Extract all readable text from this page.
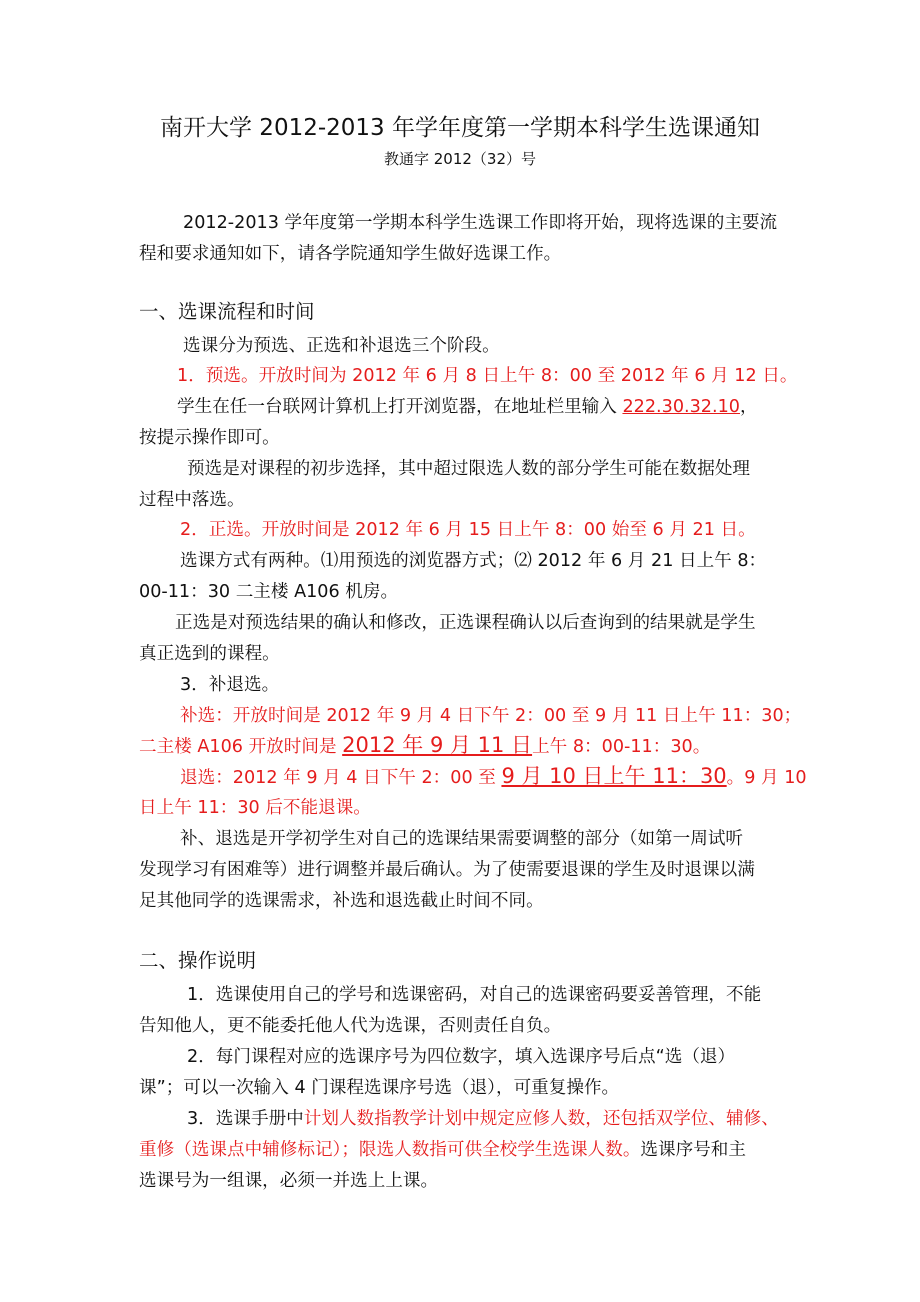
南开大学 2012-2013 年学年度第一学期本科学生选课通知
教通字 2012（32）号
2012-2013 学年度第一学期本科学生选课工作即将开始，现将选课的主要流
程和要求通知如下，请各学院通知学生做好选课工作。
一、选课流程和时间
选课分为预选、正选和补退选三个阶段。
1．预选。开放时间为 2012 年 6 月 8 日上午 8：00 至 2012 年 6 月 12 日。
学生在任一台联网计算机上打开浏览器，在地址栏里输入 222.30.32.10，
按提示操作即可。
预选是对课程的初步选择，其中超过限选人数的部分学生可能在数据处理
过程中落选。
2．正选。开放时间是 2012 年 6 月 15 日上午 8：00 始至 6 月 21 日。
选课方式有两种。⑴用预选的浏览器方式；⑵ 2012 年 6 月 21 日上午 8：
00-11：30 二主楼 A106 机房。
正选是对预选结果的确认和修改，正选课程确认以后查询到的结果就是学生
真正选到的课程。
3．补退选。
补选：开放时间是 2012 年 9 月 4 日下午 2：00 至 9 月 11 日上午 11：30；
二主楼 A106 开放时间是 2012 年 9 月 11 日上午 8：00-11：30。
退选：2012 年 9 月 4 日下午 2：00 至 9 月 10 日上午 11：30。9 月 10
日上午 11：30 后不能退课。
补、退选是开学初学生对自己的选课结果需要调整的部分（如第一周试听
发现学习有困难等）进行调整并最后确认。为了使需要退课的学生及时退课以满
足其他同学的选课需求，补选和退选截止时间不同。
二、操作说明
1．选课使用自己的学号和选课密码，对自己的选课密码要妥善管理，不能
告知他人，更不能委托他人代为选课，否则责任自负。
2．每门课程对应的选课序号为四位数字，填入选课序号后点“选（退）
课”；可以一次输入 4 门课程选课序号选（退），可重复操作。
3．选课手册中计划人数指教学计划中规定应修人数，还包括双学位、辅修、
重修（选课点中辅修标记）；限选人数指可供全校学生选课人数。选课序号和主
选课号为一组课，必须一并选上上课。
